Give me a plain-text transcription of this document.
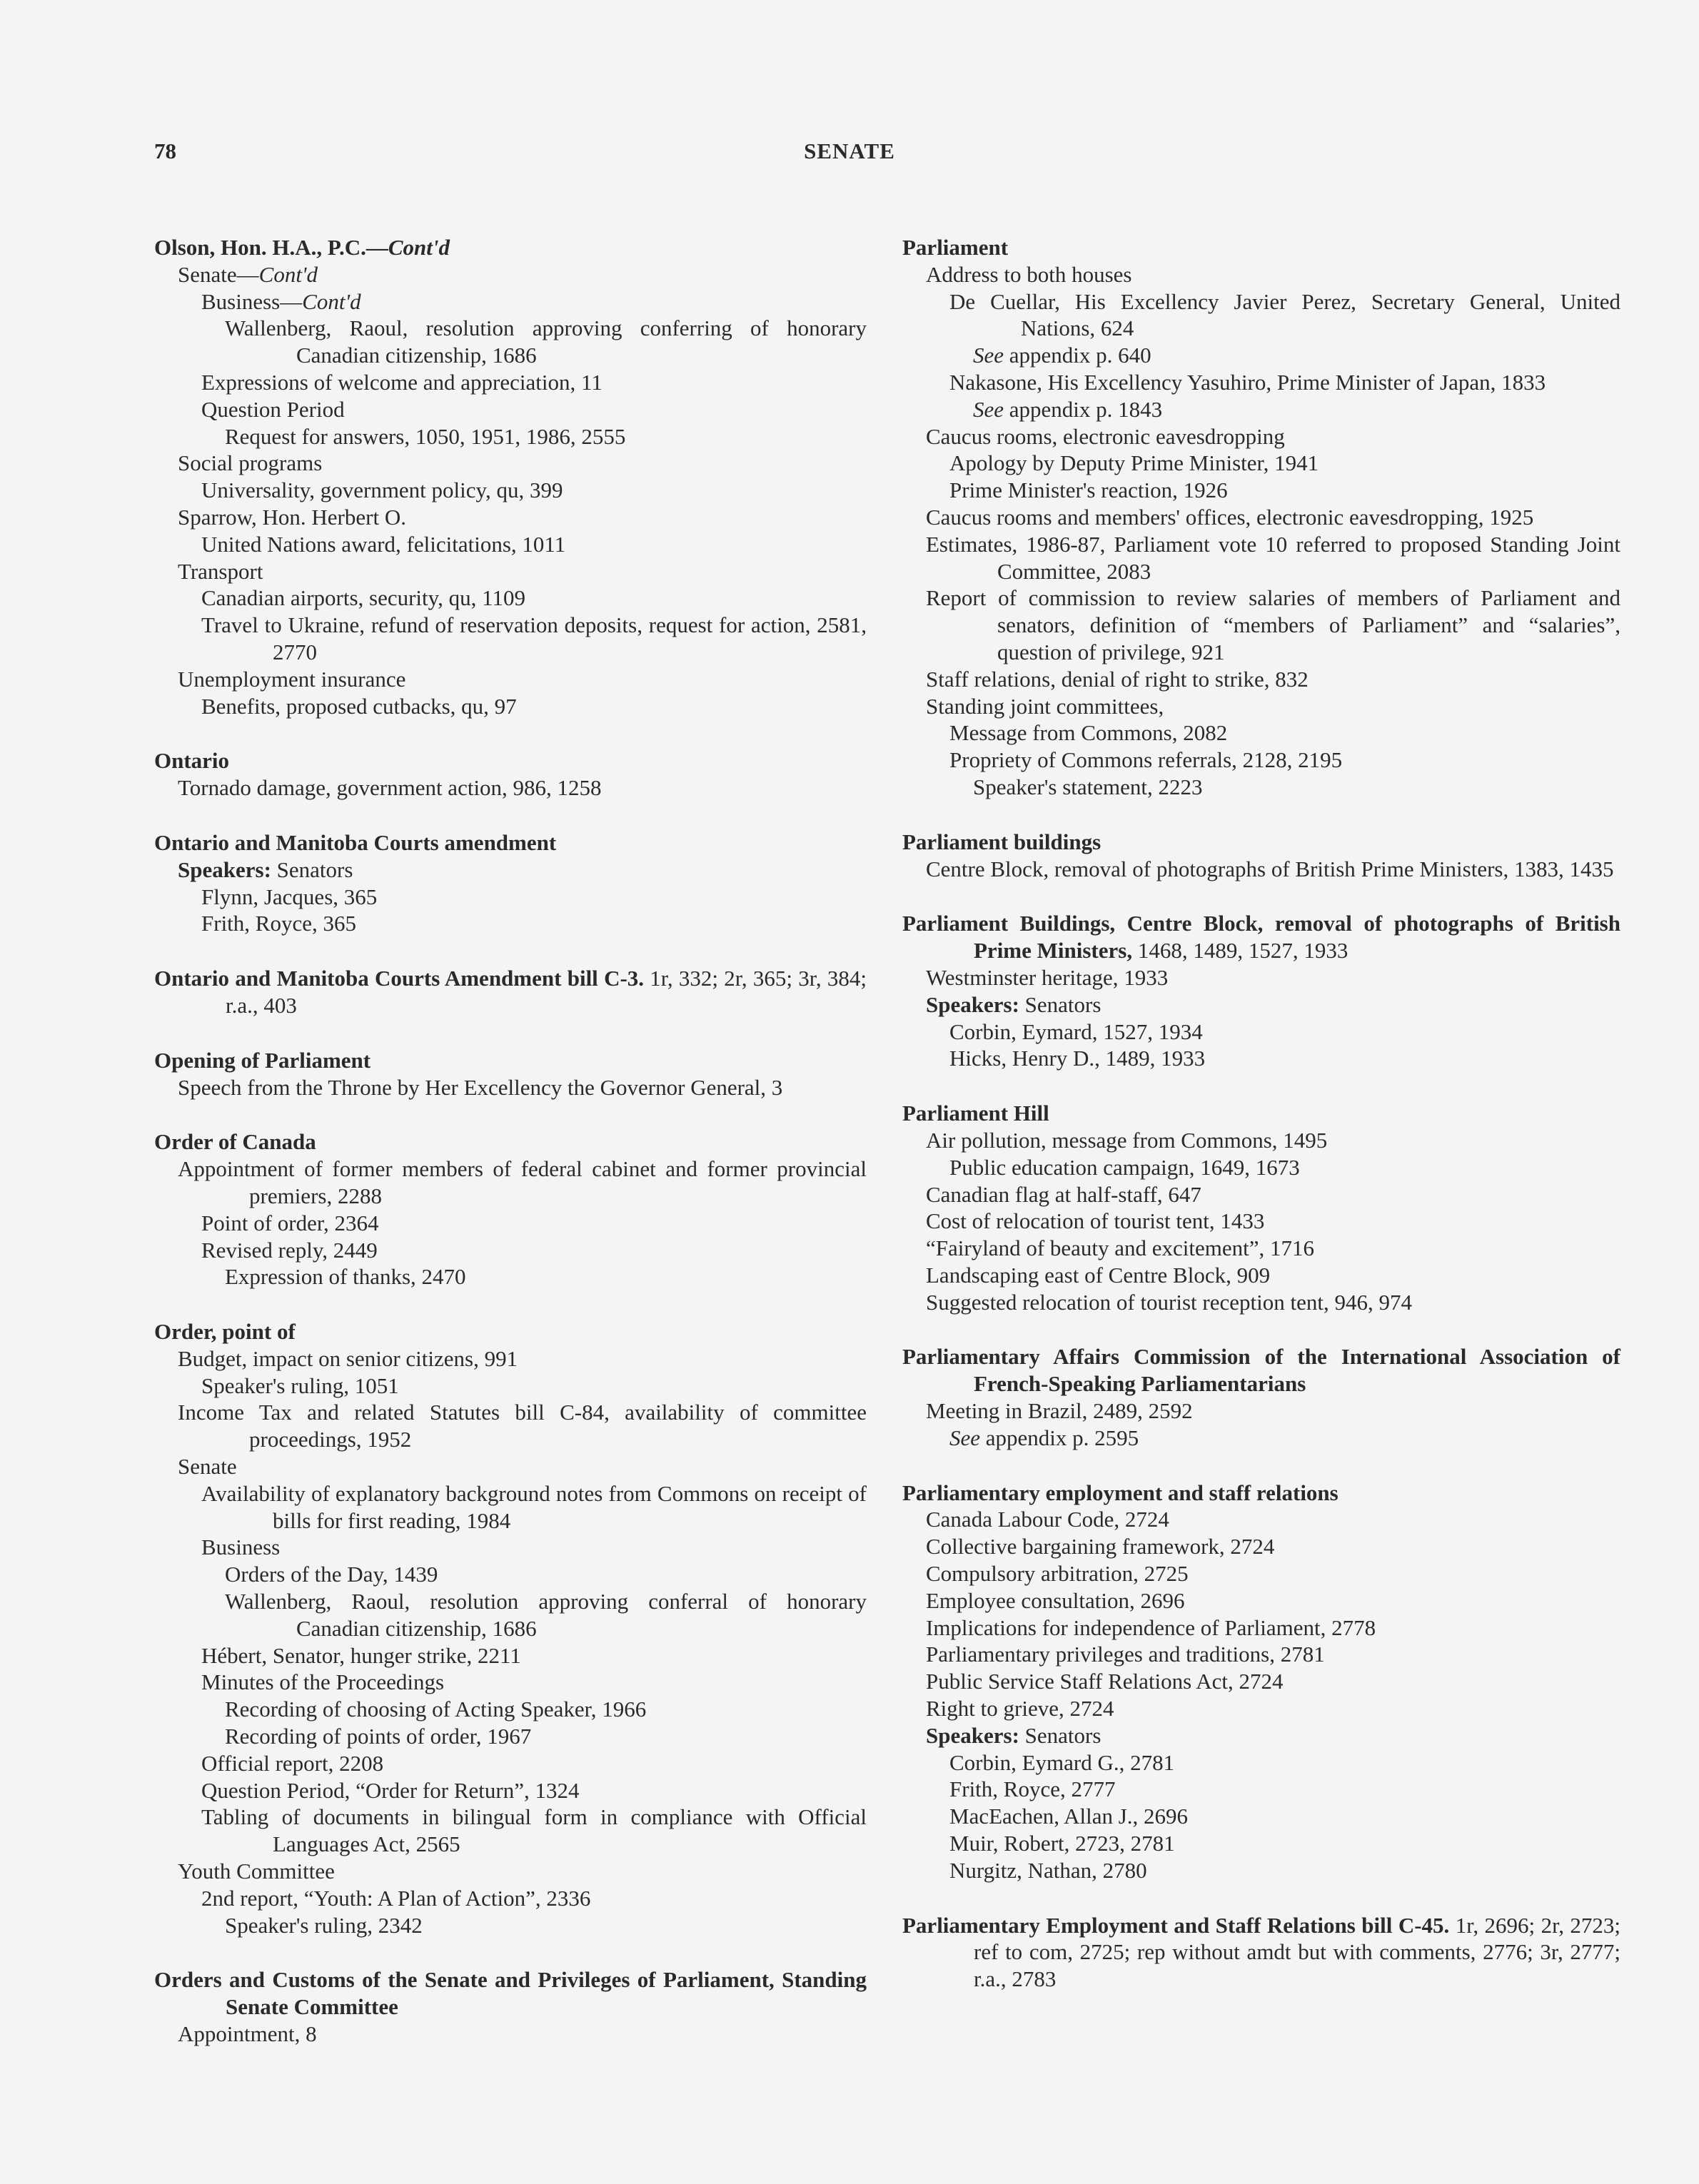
78	SENATE
Olson, Hon. H.A., P.C.—Cont'd
Senate—Cont'd
Business—Cont'd
Wallenberg, Raoul, resolution approving conferring of honorary Canadian citizenship, 1686
Expressions of welcome and appreciation, 11
Question Period
Request for answers, 1050, 1951, 1986, 2555
Social programs
Universality, government policy, qu, 399
Sparrow, Hon. Herbert O.
United Nations award, felicitations, 1011
Transport
Canadian airports, security, qu, 1109
Travel to Ukraine, refund of reservation deposits, request for action, 2581, 2770
Unemployment insurance
Benefits, proposed cutbacks, qu, 97
Ontario
Tornado damage, government action, 986, 1258
Ontario and Manitoba Courts amendment
Speakers: Senators
Flynn, Jacques, 365
Frith, Royce, 365
Ontario and Manitoba Courts Amendment bill C-3. 1r, 332; 2r, 365; 3r, 384; r.a., 403
Opening of Parliament
Speech from the Throne by Her Excellency the Governor General, 3
Order of Canada
Appointment of former members of federal cabinet and former provincial premiers, 2288
Point of order, 2364
Revised reply, 2449
Expression of thanks, 2470
Order, point of
Budget, impact on senior citizens, 991
Speaker's ruling, 1051
Income Tax and related Statutes bill C-84, availability of committee proceedings, 1952
Senate
Availability of explanatory background notes from Commons on receipt of bills for first reading, 1984
Business
Orders of the Day, 1439
Wallenberg, Raoul, resolution approving conferral of honorary Canadian citizenship, 1686
Hébert, Senator, hunger strike, 2211
Minutes of the Proceedings
Recording of choosing of Acting Speaker, 1966
Recording of points of order, 1967
Official report, 2208
Question Period, “Order for Return”, 1324
Tabling of documents in bilingual form in compliance with Official Languages Act, 2565
Youth Committee
2nd report, “Youth: A Plan of Action”, 2336
Speaker's ruling, 2342
Orders and Customs of the Senate and Privileges of Parliament, Standing Senate Committee
Appointment, 8
Parliament
Address to both houses
De Cuellar, His Excellency Javier Perez, Secretary General, United Nations, 624
See appendix p. 640
Nakasone, His Excellency Yasuhiro, Prime Minister of Japan, 1833
See appendix p. 1843
Caucus rooms, electronic eavesdropping
Apology by Deputy Prime Minister, 1941
Prime Minister's reaction, 1926
Caucus rooms and members' offices, electronic eavesdropping, 1925
Estimates, 1986-87, Parliament vote 10 referred to proposed Standing Joint Committee, 2083
Report of commission to review salaries of members of Parliament and senators, definition of “members of Parliament” and “salaries”, question of privilege, 921
Staff relations, denial of right to strike, 832
Standing joint committees,
Message from Commons, 2082
Propriety of Commons referrals, 2128, 2195
Speaker's statement, 2223
Parliament buildings
Centre Block, removal of photographs of British Prime Ministers, 1383, 1435
Parliament Buildings, Centre Block, removal of photographs of British Prime Ministers, 1468, 1489, 1527, 1933
Westminster heritage, 1933
Speakers: Senators
Corbin, Eymard, 1527, 1934
Hicks, Henry D., 1489, 1933
Parliament Hill
Air pollution, message from Commons, 1495
Public education campaign, 1649, 1673
Canadian flag at half-staff, 647
Cost of relocation of tourist tent, 1433
“Fairyland of beauty and excitement”, 1716
Landscaping east of Centre Block, 909
Suggested relocation of tourist reception tent, 946, 974
Parliamentary Affairs Commission of the International Association of French-Speaking Parliamentarians
Meeting in Brazil, 2489, 2592
See appendix p. 2595
Parliamentary employment and staff relations
Canada Labour Code, 2724
Collective bargaining framework, 2724
Compulsory arbitration, 2725
Employee consultation, 2696
Implications for independence of Parliament, 2778
Parliamentary privileges and traditions, 2781
Public Service Staff Relations Act, 2724
Right to grieve, 2724
Speakers: Senators
Corbin, Eymard G., 2781
Frith, Royce, 2777
MacEachen, Allan J., 2696
Muir, Robert, 2723, 2781
Nurgitz, Nathan, 2780
Parliamentary Employment and Staff Relations bill C-45. 1r, 2696; 2r, 2723; ref to com, 2725; rep without amdt but with comments, 2776; 3r, 2777; r.a., 2783
